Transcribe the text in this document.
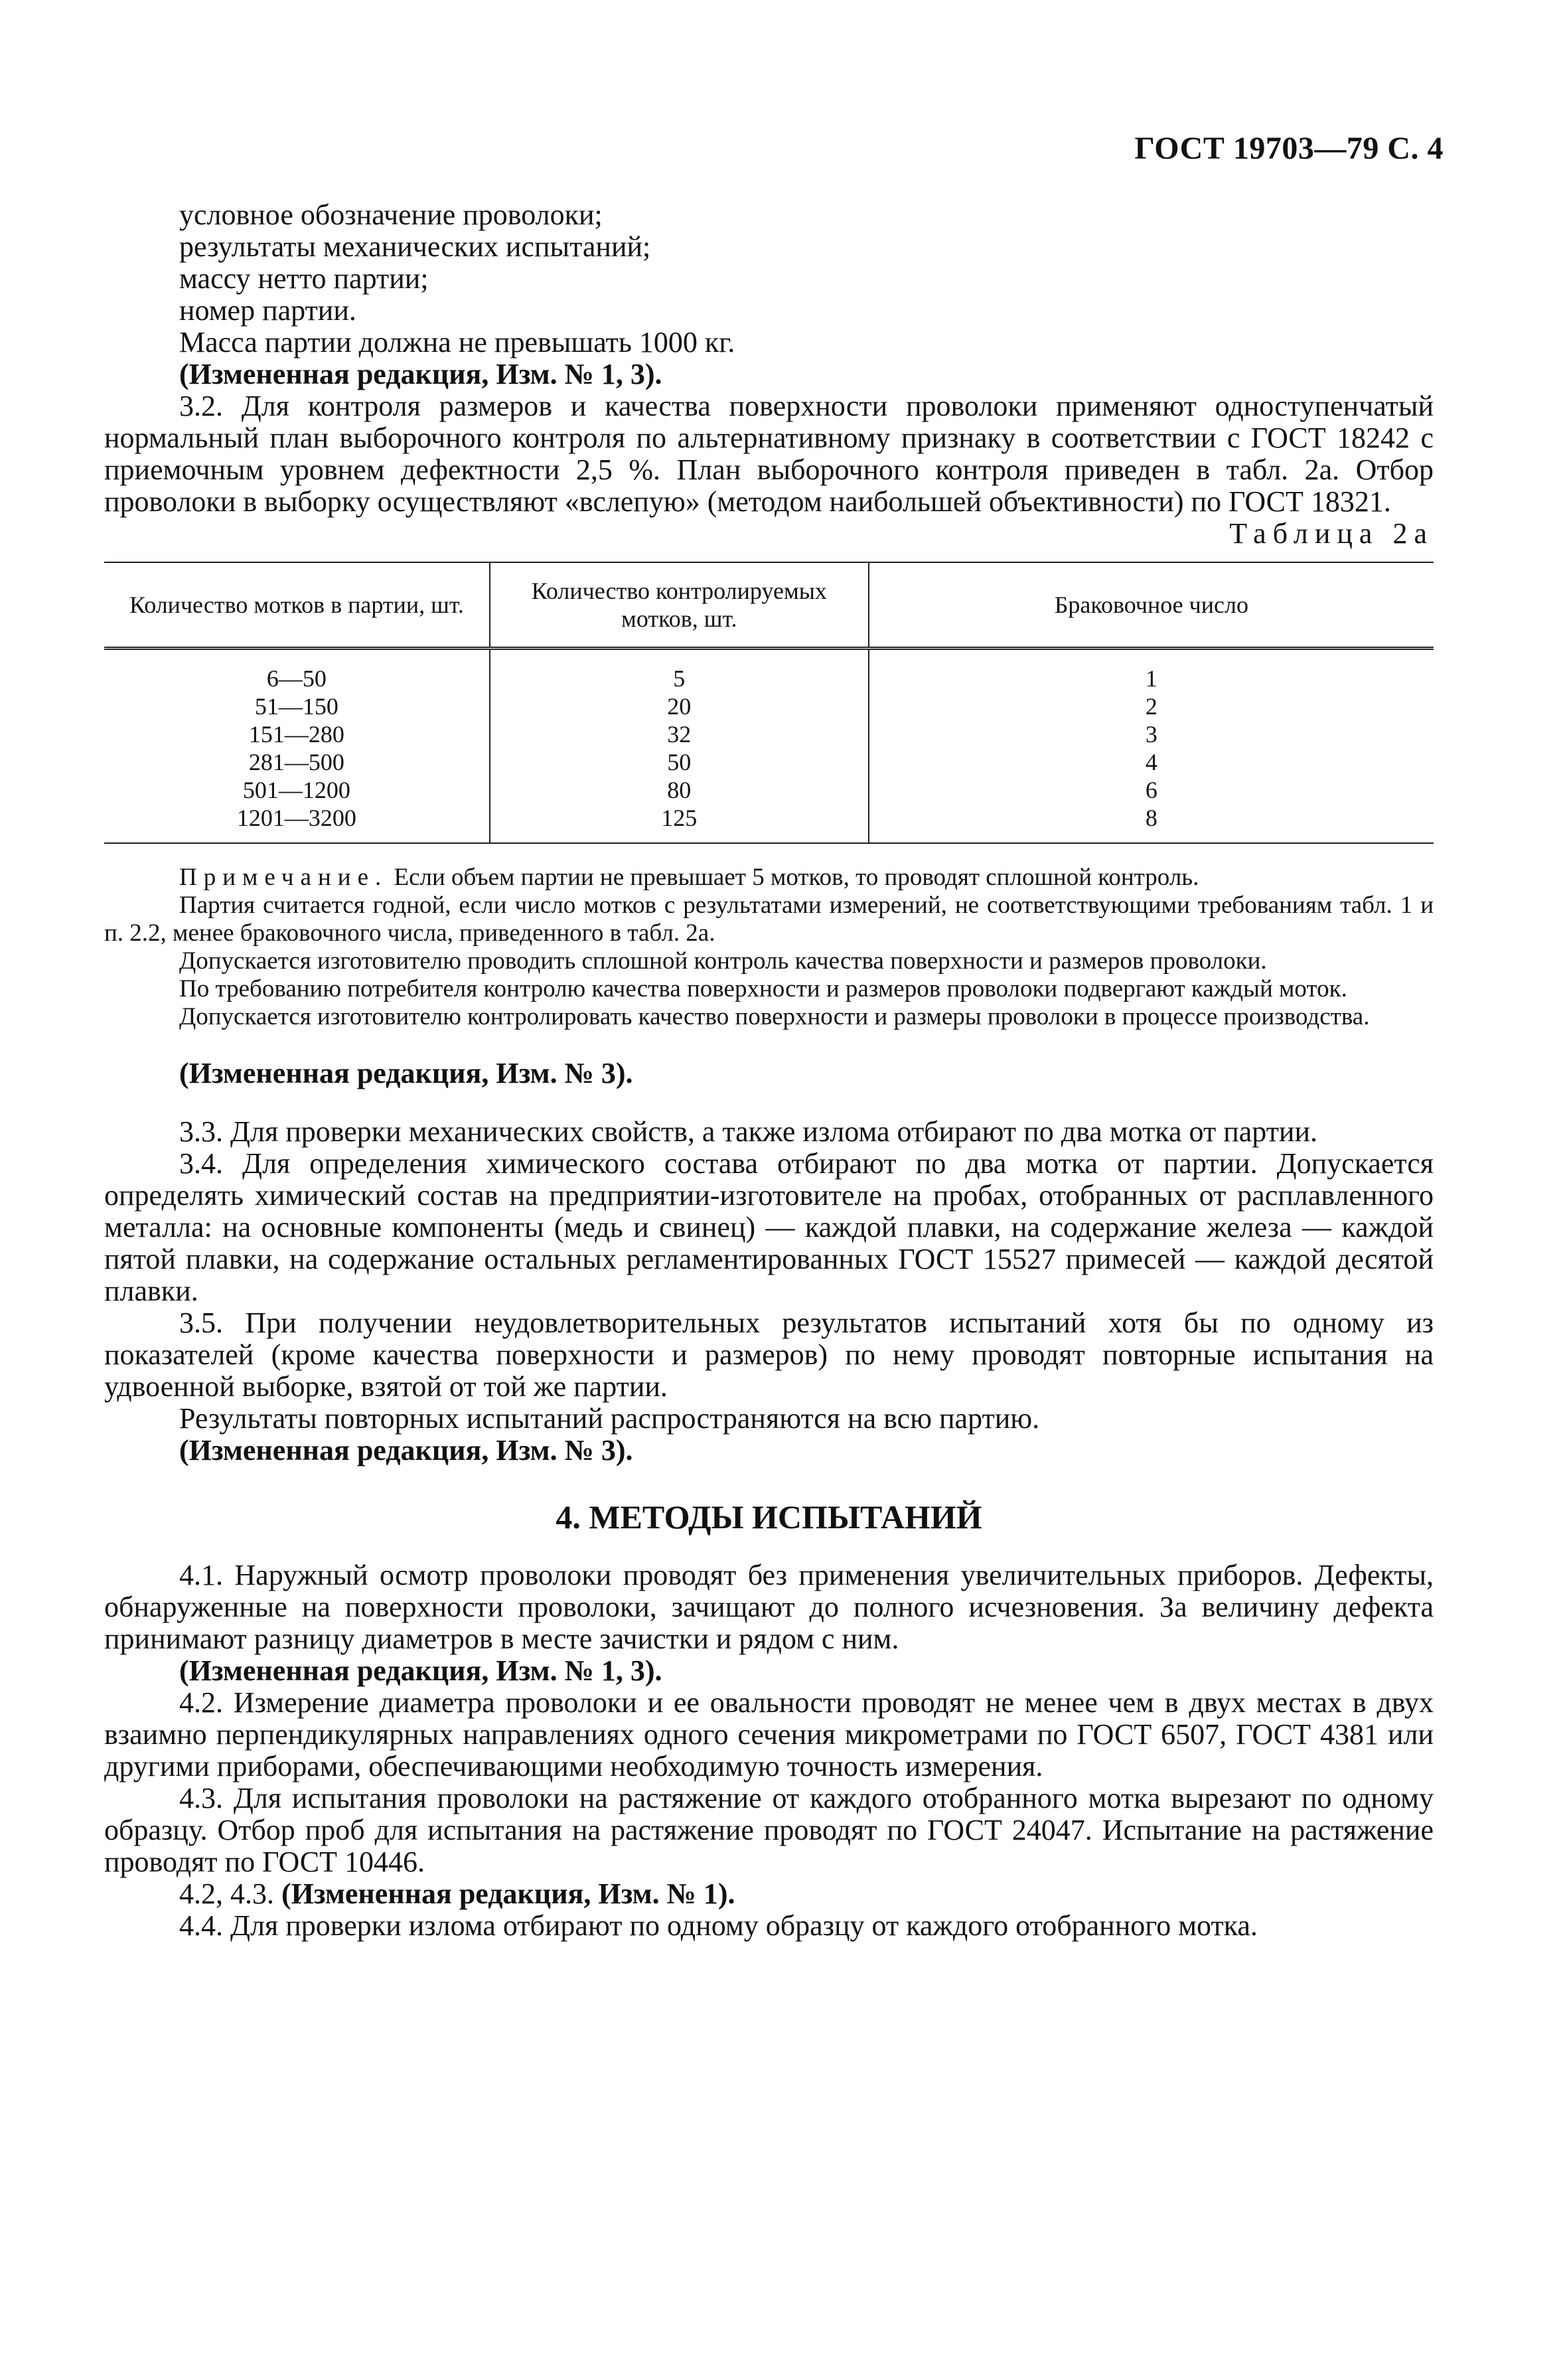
ГОСТ 19703—79 С. 4

условное обозначение проволоки;

результаты механических испытаний;

массу нетто партии;

номер партии.

Масса партии должна не превышать 1000 кг.

(Измененная редакция, Изм. № 1, 3).

3.2. Для контроля размеров и качества поверхности проволоки применяют одноступенчатый нормальный план выборочного контроля по альтернативному признаку в соответствии с ГОСТ 18242 с приемочным уровнем дефектности 2,5 %. План выборочного контроля приведен в табл. 2а. Отбор проволоки в выборку осуществляют «вслепую» (методом наибольшей объективности) по ГОСТ 18321.

Таблица 2а

Количество мотков в партии, шт.	Количество контролируемых мотков, шт.	Браковочное число
6—50	5	1
51—150	20	2
151—280	32	3
281—500	50	4
501—1200	80	6
1201—3200	125	8

Примечание. Если объем партии не превышает 5 мотков, то проводят сплошной контроль.

Партия считается годной, если число мотков с результатами измерений, не соответствующими требованиям табл. 1 и п. 2.2, менее браковочного числа, приведенного в табл. 2а.

Допускается изготовителю проводить сплошной контроль качества поверхности и размеров проволоки.

По требованию потребителя контролю качества поверхности и размеров проволоки подвергают каждый моток.

Допускается изготовителю контролировать качество поверхности и размеры проволоки в процессе производства.

(Измененная редакция, Изм. № 3).

3.3. Для проверки механических свойств, а также излома отбирают по два мотка от партии.

3.4. Для определения химического состава отбирают по два мотка от партии. Допускается определять химический состав на предприятии-изготовителе на пробах, отобранных от расплавленного металла: на основные компоненты (медь и свинец) — каждой плавки, на содержание железа — каждой пятой плавки, на содержание остальных регламентированных ГОСТ 15527 примесей — каждой десятой плавки.

3.5. При получении неудовлетворительных результатов испытаний хотя бы по одному из показателей (кроме качества поверхности и размеров) по нему проводят повторные испытания на удвоенной выборке, взятой от той же партии.

Результаты повторных испытаний распространяются на всю партию.

(Измененная редакция, Изм. № 3).

4. МЕТОДЫ ИСПЫТАНИЙ

4.1. Наружный осмотр проволоки проводят без применения увеличительных приборов. Дефекты, обнаруженные на поверхности проволоки, зачищают до полного исчезновения. За величину дефекта принимают разницу диаметров в месте зачистки и рядом с ним.

(Измененная редакция, Изм. № 1, 3).

4.2. Измерение диаметра проволоки и ее овальности проводят не менее чем в двух местах в двух взаимно перпендикулярных направлениях одного сечения микрометрами по ГОСТ 6507, ГОСТ 4381 или другими приборами, обеспечивающими необходимую точность измерения.

4.3. Для испытания проволоки на растяжение от каждого отобранного мотка вырезают по одному образцу. Отбор проб для испытания на растяжение проводят по ГОСТ 24047. Испытание на растяжение проводят по ГОСТ 10446.

4.2, 4.3. (Измененная редакция, Изм. № 1).

4.4. Для проверки излома отбирают по одному образцу от каждого отобранного мотка.
